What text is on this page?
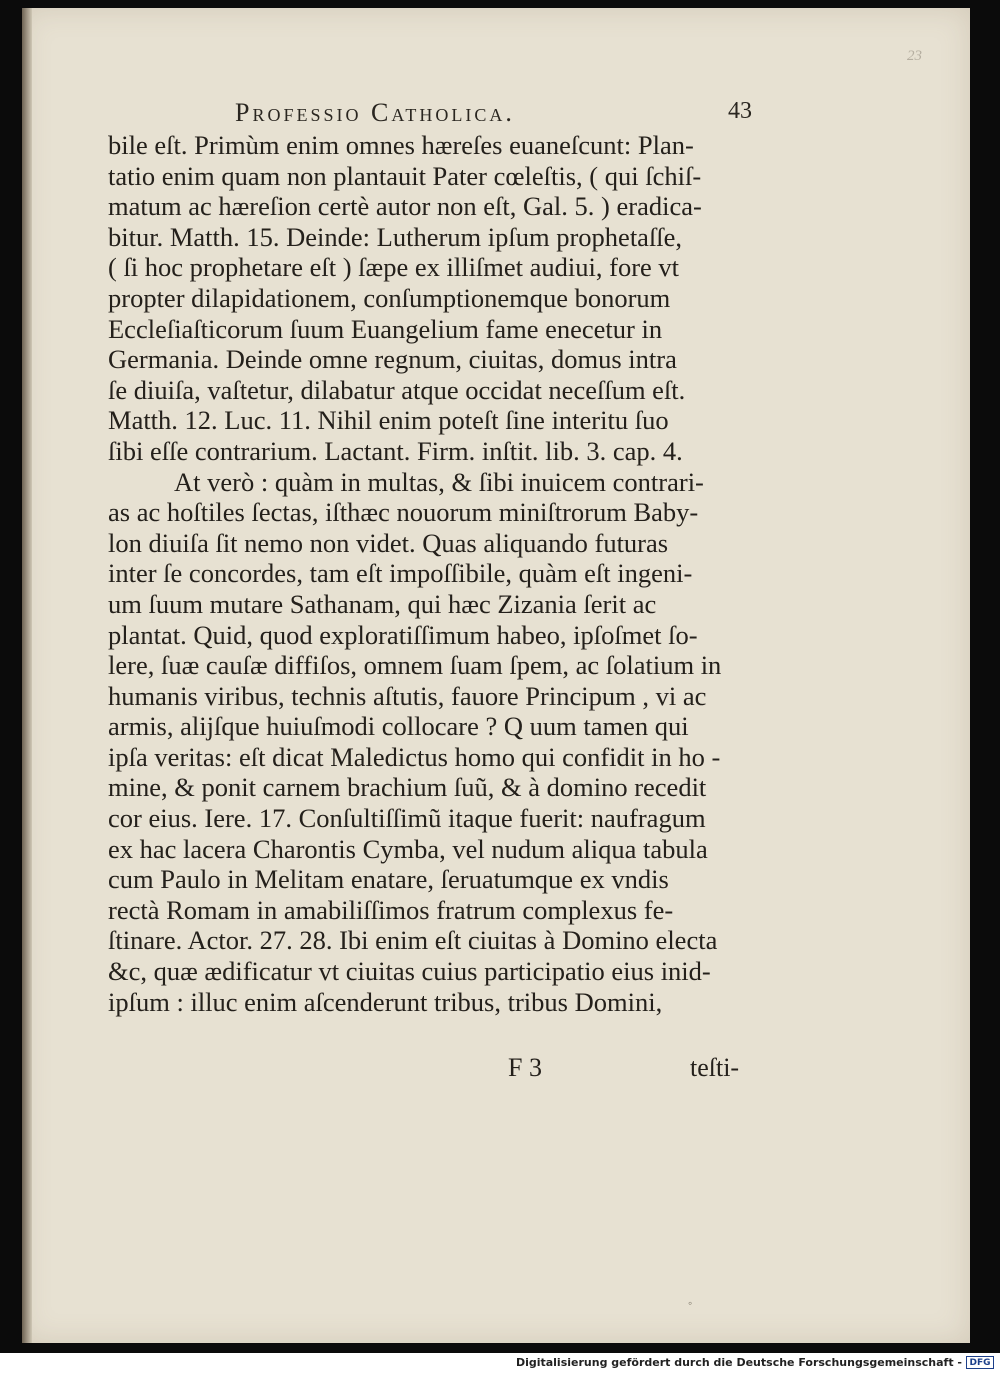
23
Professio Catholica.	43
bile eſt. Primùm enim omnes hæreſes euaneſcunt: Plan-
tatio enim quam non plantauit Pater cœleſtis, ( qui ſchiſ-
matum ac hæreſion certè autor non eſt, Gal. 5. ) eradica-
bitur. Matth. 15. Deinde: Lutherum ipſum prophetaſſe,
( ſi hoc prophetare eſt ) ſæpe ex illiſmet audiui, fore vt
propter dilapidationem, conſumptionemque bonorum
Eccleſiaſticorum ſuum Euangelium fame enecetur in
Germania. Deinde omne regnum, ciuitas, domus intra
ſe diuiſa, vaſtetur, dilabatur atque occidat neceſſum eſt.
Matth. 12. Luc. 11. Nihil enim poteſt ſine interitu ſuo
ſibi eſſe contrarium. Lactant. Firm. inſtit. lib. 3. cap. 4.
At verò : quàm in multas, & ſibi inuicem contrari-
as ac hoſtiles ſectas, iſthæc nouorum miniſtrorum Baby-
lon diuiſa ſit nemo non videt. Quas aliquando futuras
inter ſe concordes, tam eſt impoſſibile, quàm eſt ingeni-
um ſuum mutare Sathanam, qui hæc Zizania ſerit ac
plantat. Quid, quod exploratiſſimum habeo, ipſoſmet ſo-
lere, ſuæ cauſæ diffiſos, omnem ſuam ſpem, ac ſolatium in
humanis viribus, technis aſtutis, fauore Principum , vi ac
armis, alijſque huiuſmodi collocare ? Q uum tamen qui
ipſa veritas: eſt dicat Maledictus homo qui confidit in ho -
mine, & ponit carnem brachium ſuũ, & à domino recedit
cor eius. Iere. 17. Conſultiſſimũ itaque fuerit: naufragum
ex hac lacera Charontis Cymba, vel nudum aliqua tabula
cum Paulo in Melitam enatare, ſeruatumque ex vndis
rectà Romam in amabiliſſimos fratrum complexus fe-
ſtinare. Actor. 27. 28. Ibi enim eſt ciuitas à Domino electa
&c, quæ ædificatur vt ciuitas cuius participatio eius inid-
ipſum : illuc enim aſcenderunt tribus, tribus Domini,
F 3	teſti-
◦
Digitalisierung gefördert durch die Deutsche Forschungsgemeinschaft - DFG
